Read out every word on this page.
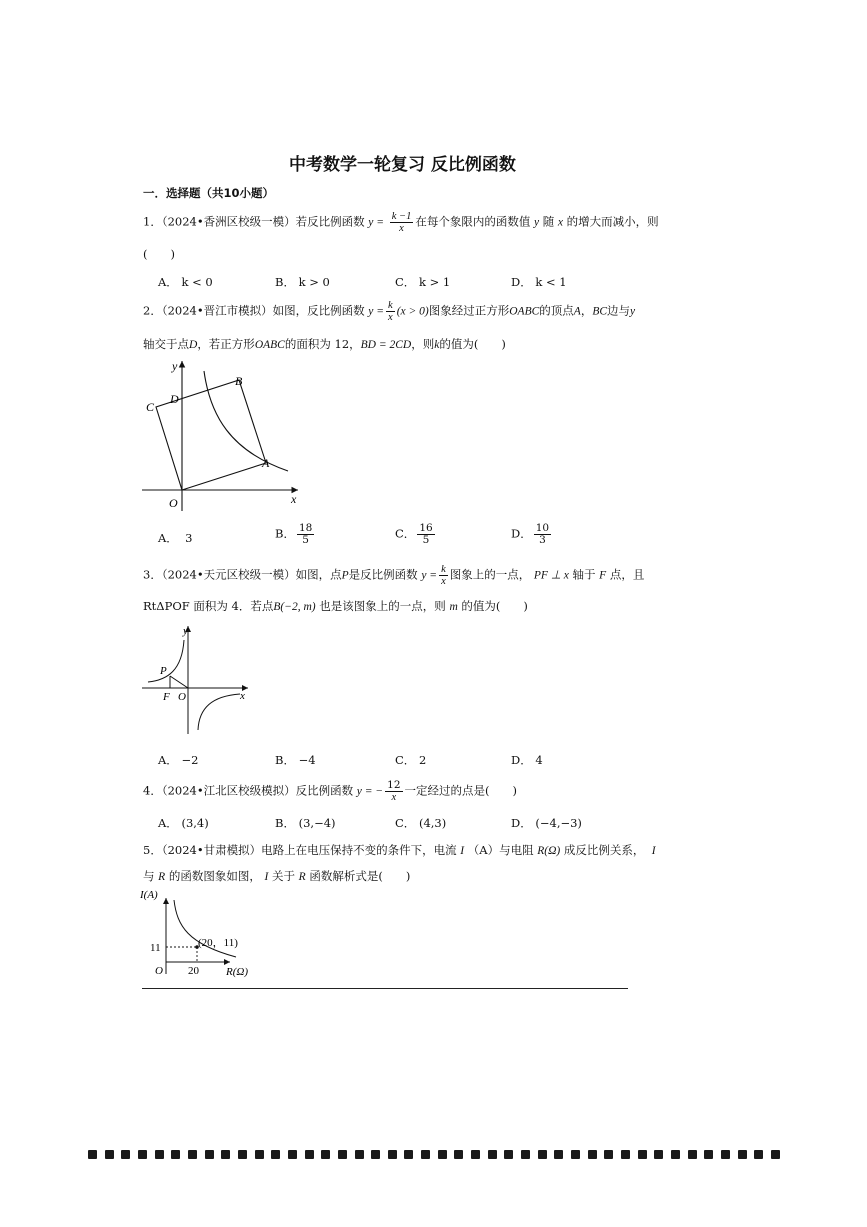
中考数学一轮复习 反比例函数
一．选择题（共10小题）
1．（2024•香洲区校级一模）若反比例函数 $y = \frac{k -1}{x}$ 在每个象限内的函数值 y 随 x 的增大而减小，则
(　　)
A． k < 0	B． k > 0	C． k > 1	D． k < 1
2．（2024•晋江市模拟）如图，反比例函数 $y = \frac{k}{x} (x > 0)$图象经过正方形OABC的顶点A，BC边与y
轴交于点D，若正方形OABC的面积为 12，BD = 2CD，则k的值为(　　)
y
x
B
C
D
A
O
A． 3	B． $\frac{18}{5}$	C． $\frac{16}{5}$	D． $\frac{10}{3}$
3．（2024•天元区校级一模）如图，点P是反比例函数 $y = \frac{k}{x}$ 图象上的一点， PF ⊥ x 轴于 F 点，且
RtΔPOF 面积为 4．若点B(−2, m) 也是该图象上的一点，则 m 的值为(　　)
y
x
P
F O
A． −2	B． −4	C． 2	D． 4
4．（2024•江北区校级模拟）反比例函数 y = − $\frac{12}{x}$ 一定经过的点是(　　)
A． (3,4)	B． (3,−4)	C． (4,3)	D． (−4,−3)
5．（2024•甘肃模拟）电路上在电压保持不变的条件下，电流 I （A）与电阻 R(Ω) 成反比例关系， I
与 R 的函数图象如图， I 关于 R 函数解析式是(　　)
I(A)
R(Ω)
(20，11)
11
20
O
